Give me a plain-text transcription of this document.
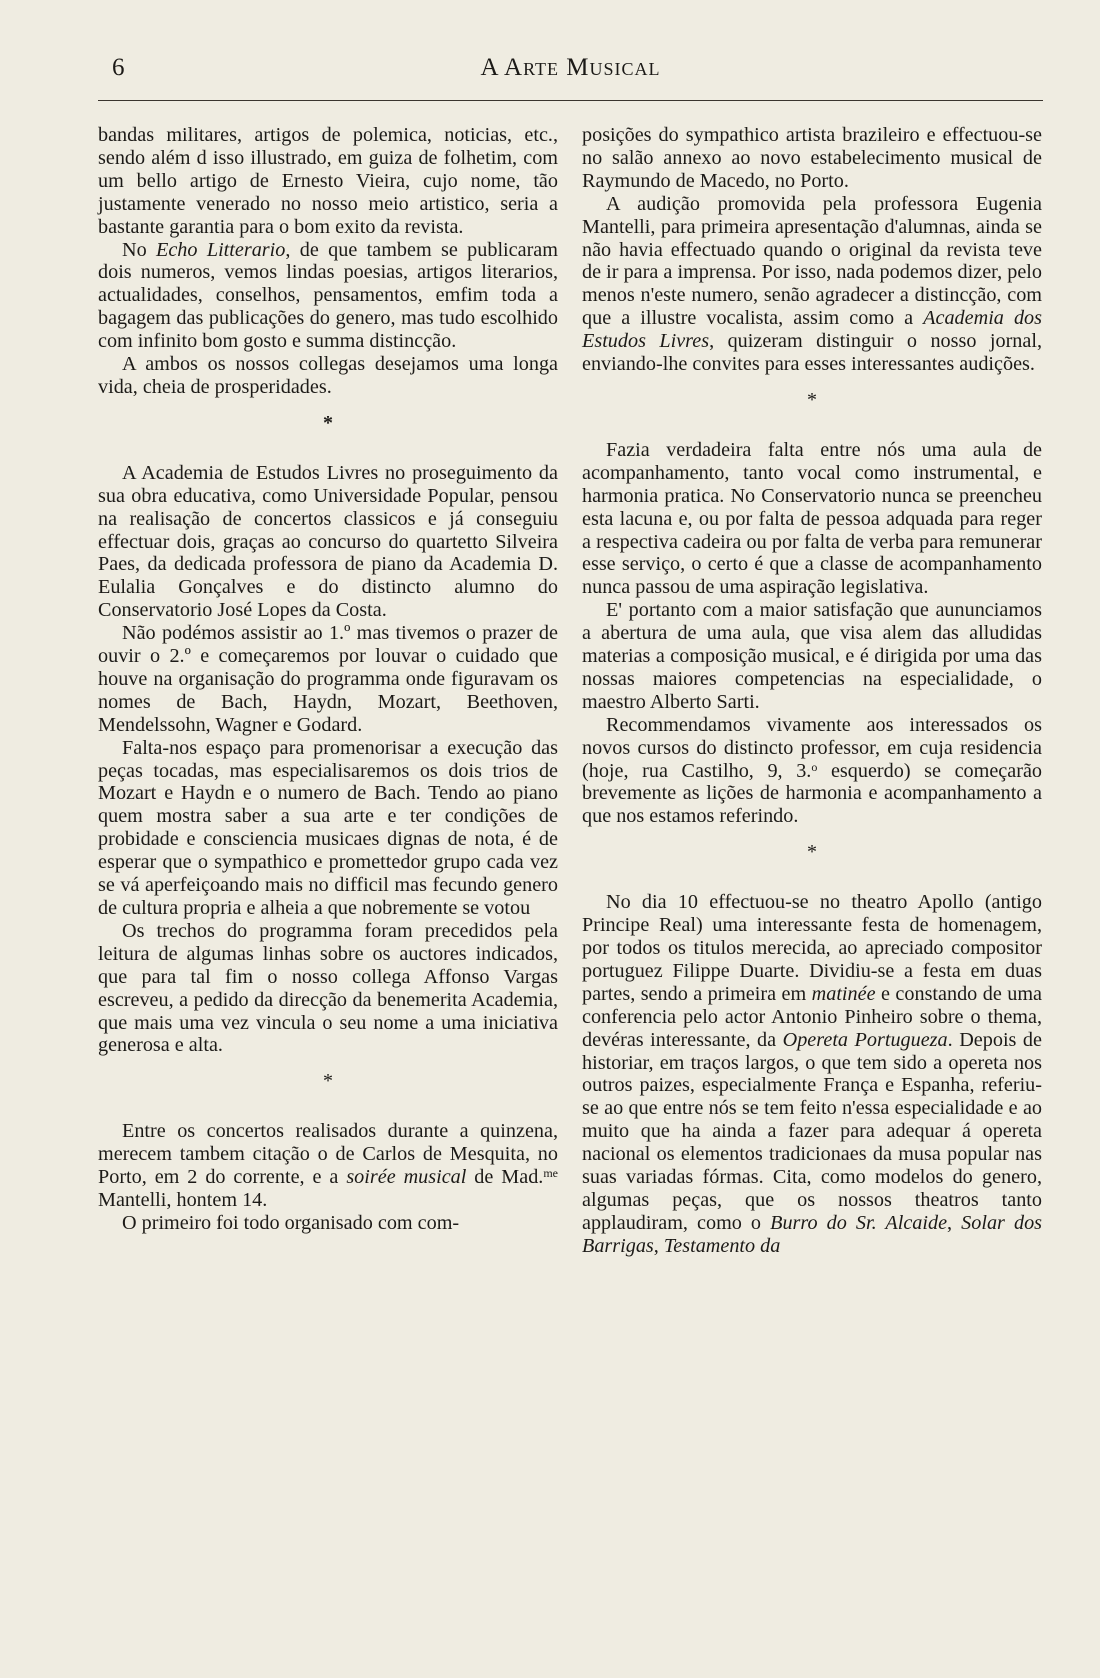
6	A Arte Musical

bandas militares, artigos de polemica, noticias, etc., sendo além d isso illustrado, em guiza de folhetim, com um bello artigo de Ernesto Vieira, cujo nome, tão justamente venerado no nosso meio artistico, seria a bastante garantia para o bom exito da revista.

No Echo Litterario, de que tambem se publicaram dois numeros, vemos lindas poesias, artigos literarios, actualidades, conselhos, pensamentos, emfim toda a bagagem das publicações do genero, mas tudo escolhido com infinito bom gosto e summa distincção.

A ambos os nossos collegas desejamos uma longa vida, cheia de prosperidades.

*

A Academia de Estudos Livres no proseguimento da sua obra educativa, como Universidade Popular, pensou na realisação de concertos classicos e já conseguiu effectuar dois, graças ao concurso do quartetto Silveira Paes, da dedicada professora de piano da Academia D. Eulalia Gonçalves e do distincto alumno do Conservatorio José Lopes da Costa.

Não podémos assistir ao 1.º mas tivemos o prazer de ouvir o 2.º e começaremos por louvar o cuidado que houve na organisação do programma onde figuravam os nomes de Bach, Haydn, Mozart, Beethoven, Mendelssohn, Wagner e Godard.

Falta-nos espaço para promenorisar a execução das peças tocadas, mas especialisaremos os dois trios de Mozart e Haydn e o numero de Bach. Tendo ao piano quem mostra saber a sua arte e ter condições de probidade e consciencia musicaes dignas de nota, é de esperar que o sympathico e promettedor grupo cada vez se vá aperfeiçoando mais no difficil mas fecundo genero de cultura propria e alheia a que nobremente se votou

Os trechos do programma foram precedidos pela leitura de algumas linhas sobre os auctores indicados, que para tal fim o nosso collega Affonso Vargas escreveu, a pedido da direcção da benemerita Academia, que mais uma vez vincula o seu nome a uma iniciativa generosa e alta.

*

Entre os concertos realisados durante a quinzena, merecem tambem citação o de Carlos de Mesquita, no Porto, em 2 do corrente, e a soirée musical de Mad.$^{me}$ Mantelli, hontem 14.

O primeiro foi todo organisado com com-

posições do sympathico artista brazileiro e effectuou-se no salão annexo ao novo estabelecimento musical de Raymundo de Macedo, no Porto.

A audição promovida pela professora Eugenia Mantelli, para primeira apresentação d'alumnas, ainda se não havia effectuado quando o original da revista teve de ir para a imprensa. Por isso, nada podemos dizer, pelo menos n'este numero, senão agradecer a distincção, com que a illustre vocalista, assim como a Academia dos Estudos Livres, quizeram distinguir o nosso jornal, enviando-lhe convites para esses interessantes audições.

*

Fazia verdadeira falta entre nós uma aula de acompanhamento, tanto vocal como instrumental, e harmonia pratica. No Conservatorio nunca se preencheu esta lacuna e, ou por falta de pessoa adquada para reger a respectiva cadeira ou por falta de verba para remunerar esse serviço, o certo é que a classe de acompanhamento nunca passou de uma aspiração legislativa.

E' portanto com a maior satisfação que aununciamos a abertura de uma aula, que visa alem das alludidas materias a composição musical, e é dirigida por uma das nossas maiores competencias na especialidade, o maestro Alberto Sarti.

Recommendamos vivamente aos interessados os novos cursos do distincto professor, em cuja residencia (hoje, rua Castilho, 9, 3.$^o$ esquerdo) se começarão brevemente as lições de harmonia e acompanhamento a que nos estamos referindo.

*

No dia 10 effectuou-se no theatro Apollo (antigo Principe Real) uma interessante festa de homenagem, por todos os titulos merecida, ao apreciado compositor portuguez Filippe Duarte. Dividiu-se a festa em duas partes, sendo a primeira em matinée e constando de uma conferencia pelo actor Antonio Pinheiro sobre o thema, devéras interessante, da Opereta Portugueza. Depois de historiar, em traços largos, o que tem sido a opereta nos outros paizes, especialmente França e Espanha, referiu-se ao que entre nós se tem feito n'essa especialidade e ao muito que ha ainda a fazer para adequar á opereta nacional os elementos tradicionaes da musa popular nas suas variadas fórmas. Cita, como modelos do genero, algumas peças, que os nossos theatros tanto applaudiram, como o Burro do Sr. Alcaide, Solar dos Barrigas, Testamento da
